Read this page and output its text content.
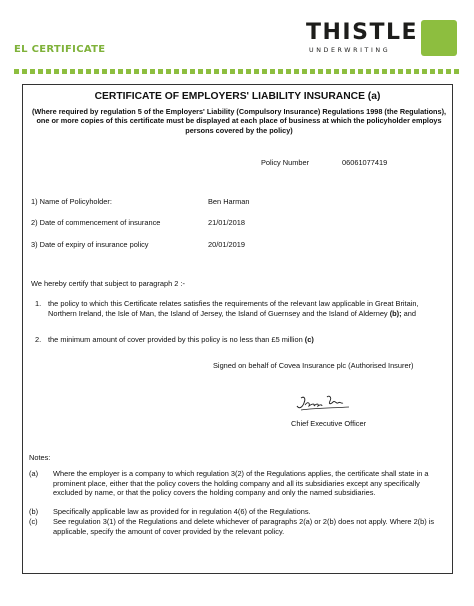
EL CERTIFICATE
THISTLE
UNDERWRITING
CERTIFICATE OF EMPLOYERS' LIABILITY INSURANCE (a)
(Where required by regulation 5 of the Employers' Liability (Compulsory Insurance) Regulations 1998 (the Regulations), one or more copies of this certificate must be displayed at each place of business at which the policyholder employs persons covered by the policy)
Policy Number	06061077419
1) Name of Policyholder:	Ben Harman
2) Date of commencement of insurance	21/01/2018
3) Date of expiry of insurance policy	20/01/2019
We hereby certify that subject to paragraph 2 :-
1. the policy to which this Certificate relates satisfies the requirements of the relevant law applicable in Great Britain, Northern Ireland, the Isle of Man, the Island of Jersey, the Island of Guernsey and the Island of Alderney (b); and
2. the minimum amount of cover provided by this policy is no less than £5 million (c)
Signed on behalf of Covea Insurance plc (Authorised Insurer)
Chief Executive Officer
Notes:
(a) Where the employer is a company to which regulation 3(2) of the Regulations applies, the certificate shall state in a prominent place, either that the policy covers the holding company and all its subsidiaries except any specifically excluded by name, or that the policy covers the holding company and only the named subsidiaries.
(b) Specifically applicable law as provided for in regulation 4(6) of the Regulations.
(c) See regulation 3(1) of the Regulations and delete whichever of paragraphs 2(a) or 2(b) does not apply. Where 2(b) is applicable, specify the amount of cover provided by the relevant policy.
